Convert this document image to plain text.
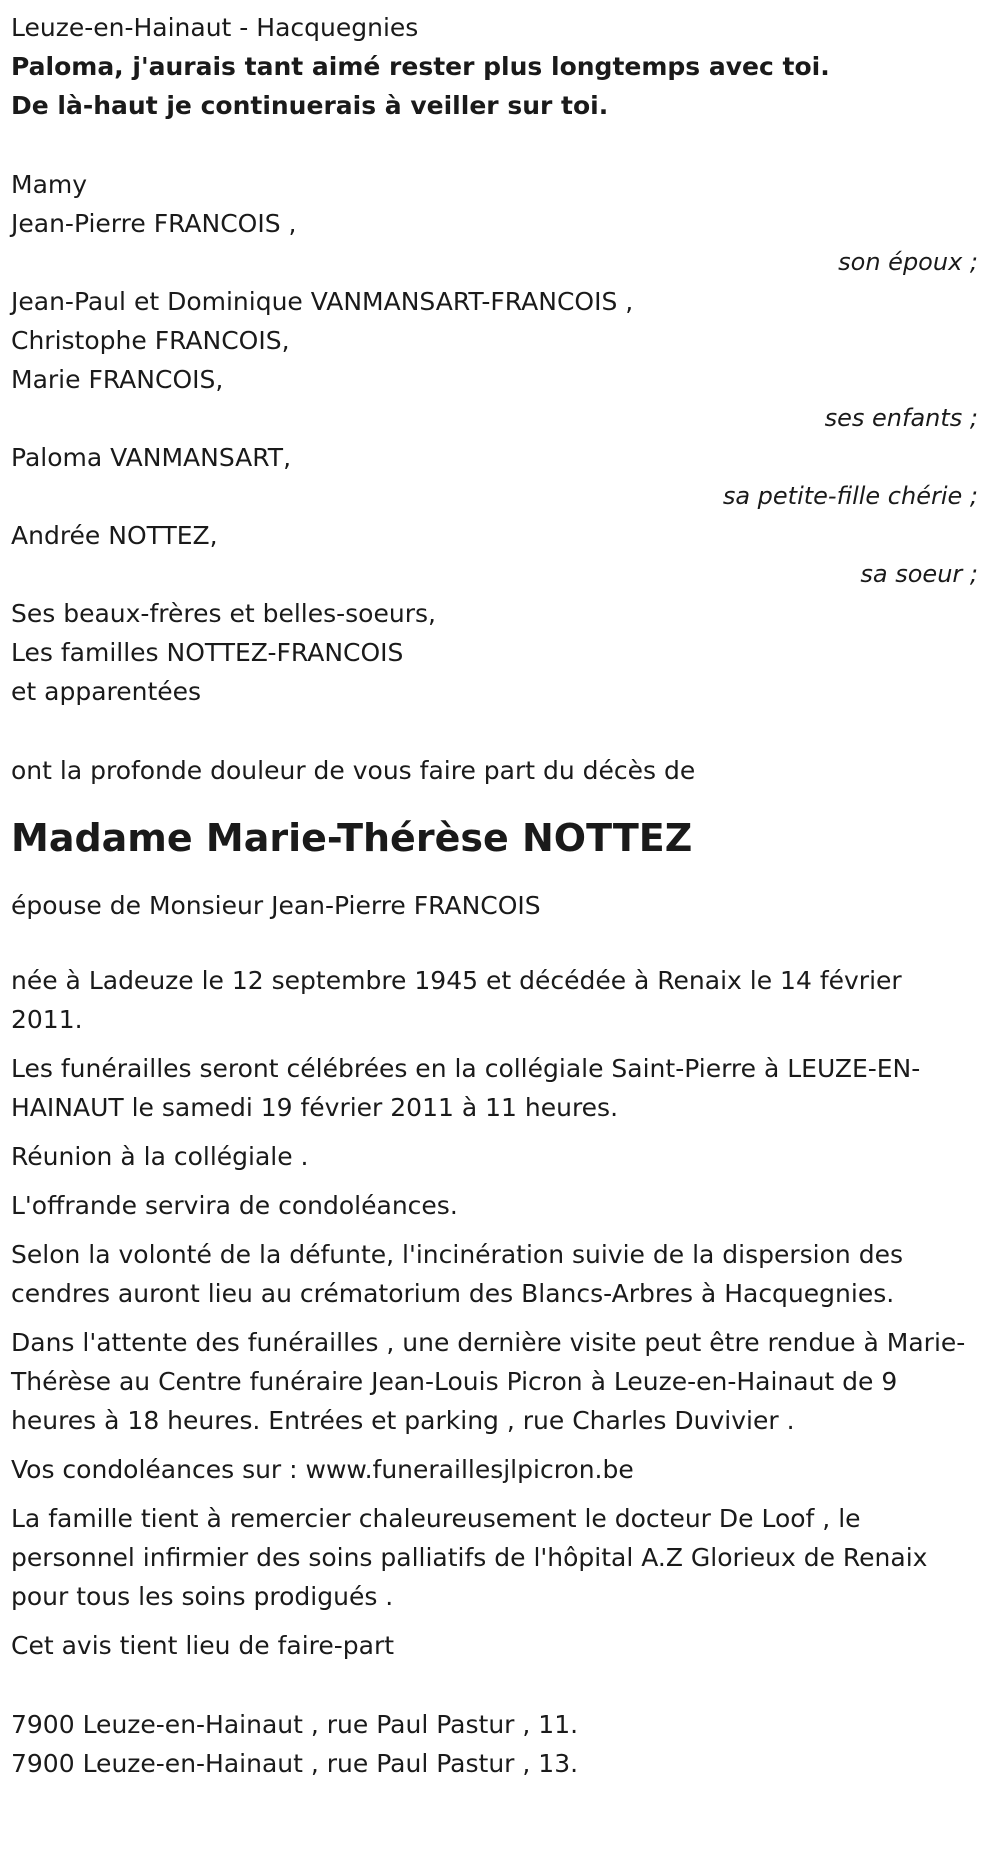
Leuze-en-Hainaut - Hacquegnies
Paloma, j'aurais tant aimé rester plus longtemps avec toi.
De là-haut je continuerais à veiller sur toi.
Mamy
Jean-Pierre FRANCOIS ,
son époux ;
Jean-Paul et Dominique VANMANSART-FRANCOIS ,
Christophe FRANCOIS,
Marie FRANCOIS,
ses enfants ;
Paloma VANMANSART,
sa petite-fille chérie ;
Andrée NOTTEZ,
sa soeur ;
Ses beaux-frères et belles-soeurs,
Les familles NOTTEZ-FRANCOIS
et apparentées
ont la profonde douleur de vous faire part du décès de
Madame Marie-Thérèse NOTTEZ
épouse de Monsieur Jean-Pierre FRANCOIS
née à Ladeuze le 12 septembre 1945 et décédée à Renaix le 14 février 2011.
Les funérailles seront célébrées en la collégiale Saint-Pierre à LEUZE-EN-HAINAUT le samedi 19 février 2011 à 11 heures.
Réunion à la collégiale .
L'offrande servira de condoléances.
Selon la volonté de la défunte, l'incinération suivie de la dispersion des cendres auront lieu au crématorium des Blancs-Arbres à Hacquegnies.
Dans l'attente des funérailles , une dernière visite peut être rendue à Marie-Thérèse au Centre funéraire Jean-Louis Picron à Leuze-en-Hainaut de 9 heures à 18 heures. Entrées et parking , rue Charles Duvivier .
Vos condoléances sur : www.funeraillesjlpicron.be
La famille tient à remercier chaleureusement le docteur De Loof , le personnel infirmier des soins palliatifs de l'hôpital A.Z Glorieux de Renaix pour tous les soins prodigués .
Cet avis tient lieu de faire-part
7900 Leuze-en-Hainaut , rue Paul Pastur , 11.
7900 Leuze-en-Hainaut , rue Paul Pastur , 13.
